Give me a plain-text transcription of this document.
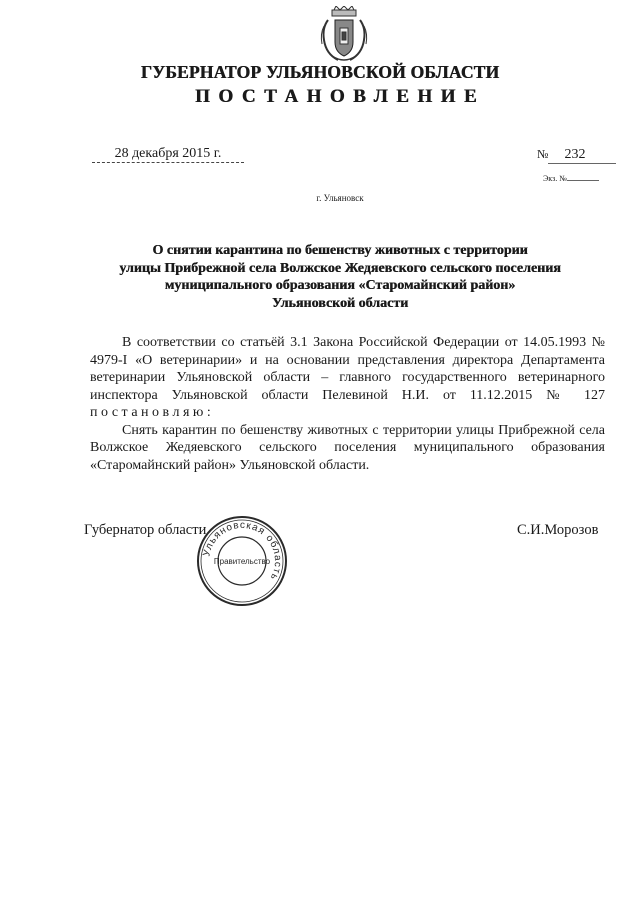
ГУБЕРНАТОР УЛЬЯНОВСКОЙ ОБЛАСТИ
ПОСТАНОВЛЕНИЕ
28 декабря 2015 г.	№ 232
Экз. №
г. Ульяновск
О снятии карантина по бешенству животных с территории
улицы Прибрежной села Волжское Жедяевского сельского поселения
муниципального образования «Старомайнский район»
Ульяновской области

В соответствии со статьёй 3.1 Закона Российской Федерации от 14.05.1993 № 4979-I «О ветеринарии» и на основании представления директора Департамента ветеринарии Ульяновской области – главного государственного ветеринарного инспектора Ульяновской области Пелевиной Н.И. от 11.12.2015 № 127 постановляю:

Снять карантин по бешенству животных с территории улицы Прибрежной села Волжское Жедяевского сельского поселения муниципального образования «Старомайнский район» Ульяновской области.

Губернатор области	С.И.Морозов
Ульяновская область
Правительство
